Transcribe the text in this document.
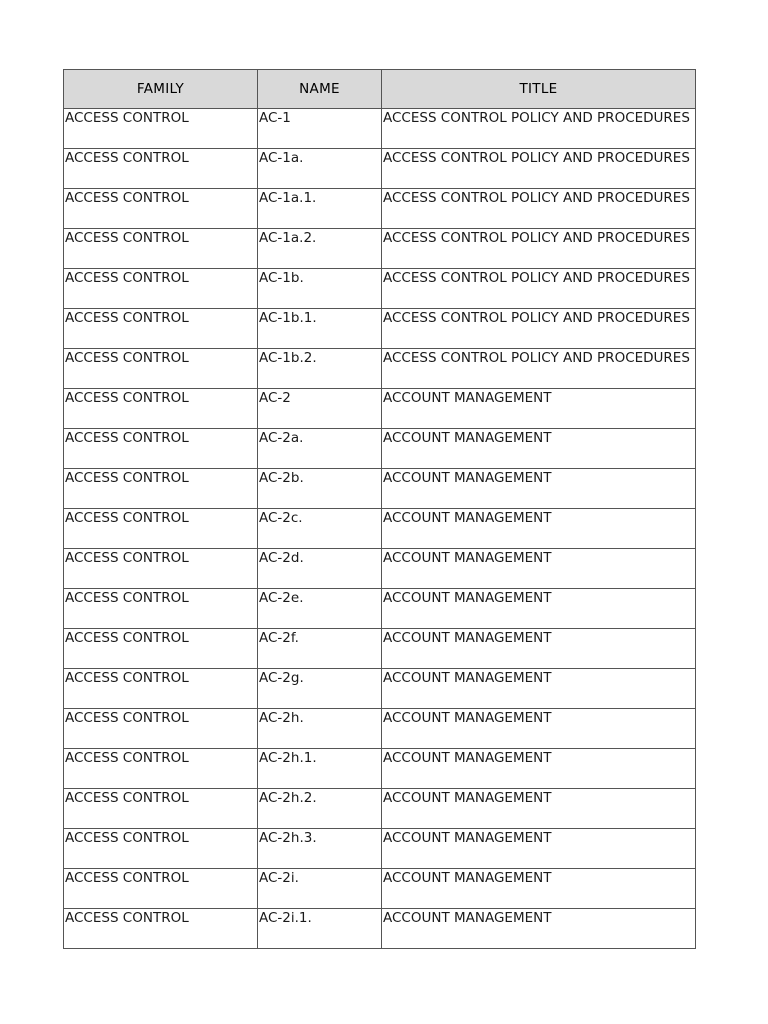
FAMILY	NAME	TITLE
ACCESS CONTROL	AC-1	ACCESS CONTROL POLICY AND PROCEDURES
ACCESS CONTROL	AC-1a.	ACCESS CONTROL POLICY AND PROCEDURES
ACCESS CONTROL	AC-1a.1.	ACCESS CONTROL POLICY AND PROCEDURES
ACCESS CONTROL	AC-1a.2.	ACCESS CONTROL POLICY AND PROCEDURES
ACCESS CONTROL	AC-1b.	ACCESS CONTROL POLICY AND PROCEDURES
ACCESS CONTROL	AC-1b.1.	ACCESS CONTROL POLICY AND PROCEDURES
ACCESS CONTROL	AC-1b.2.	ACCESS CONTROL POLICY AND PROCEDURES
ACCESS CONTROL	AC-2	ACCOUNT MANAGEMENT
ACCESS CONTROL	AC-2a.	ACCOUNT MANAGEMENT
ACCESS CONTROL	AC-2b.	ACCOUNT MANAGEMENT
ACCESS CONTROL	AC-2c.	ACCOUNT MANAGEMENT
ACCESS CONTROL	AC-2d.	ACCOUNT MANAGEMENT
ACCESS CONTROL	AC-2e.	ACCOUNT MANAGEMENT
ACCESS CONTROL	AC-2f.	ACCOUNT MANAGEMENT
ACCESS CONTROL	AC-2g.	ACCOUNT MANAGEMENT
ACCESS CONTROL	AC-2h.	ACCOUNT MANAGEMENT
ACCESS CONTROL	AC-2h.1.	ACCOUNT MANAGEMENT
ACCESS CONTROL	AC-2h.2.	ACCOUNT MANAGEMENT
ACCESS CONTROL	AC-2h.3.	ACCOUNT MANAGEMENT
ACCESS CONTROL	AC-2i.	ACCOUNT MANAGEMENT
ACCESS CONTROL	AC-2i.1.	ACCOUNT MANAGEMENT
